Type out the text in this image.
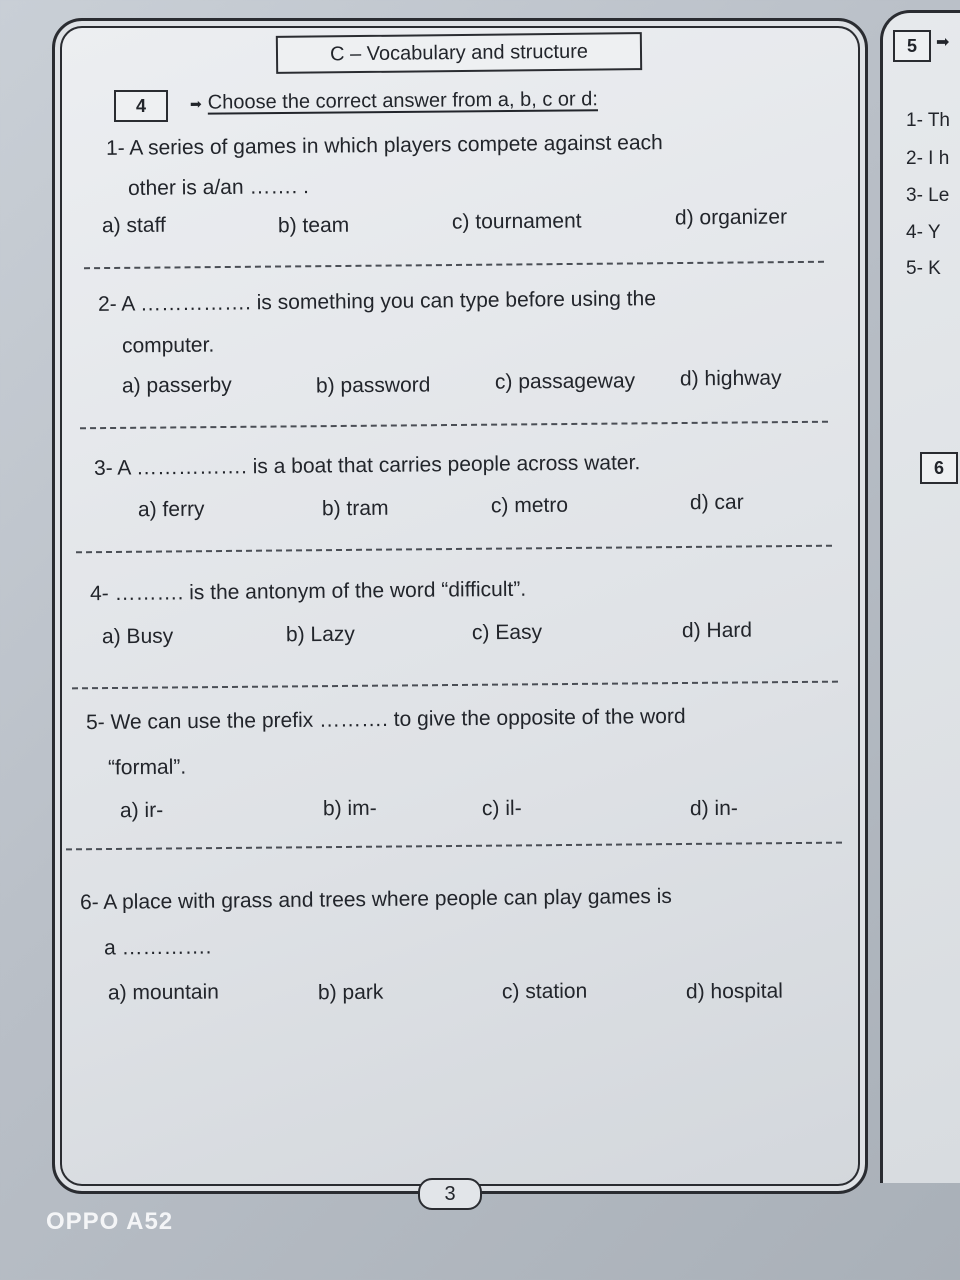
5	➡
1- Th
2- I h
3- Le
4- Y
5- K
6
C – Vocabulary and structure
4	➡ Choose the correct answer from a, b, c or d:
1- A series of games in which players compete against each
other is a/an ……. .
a) staff	b) team	c) tournament	d) organizer
2- A ……………. is something you can type before using the
computer.
a) passerby	b) password	c) passageway d) highway
3- A ……………. is a boat that carries people across water.
a) ferry	b) tram	c) metro	d) car
4- ………. is the antonym of the word “difficult”.
a) Busy	b) Lazy	c) Easy	d) Hard
5- We can use the prefix ………. to give the opposite of the word
“formal”.
a) ir-	b) im-	c) il-	d) in-
6- A place with grass and trees where people can play games is
a ………….
a) mountain	b) park	c) station	d) hospital
3
OPPO A52
